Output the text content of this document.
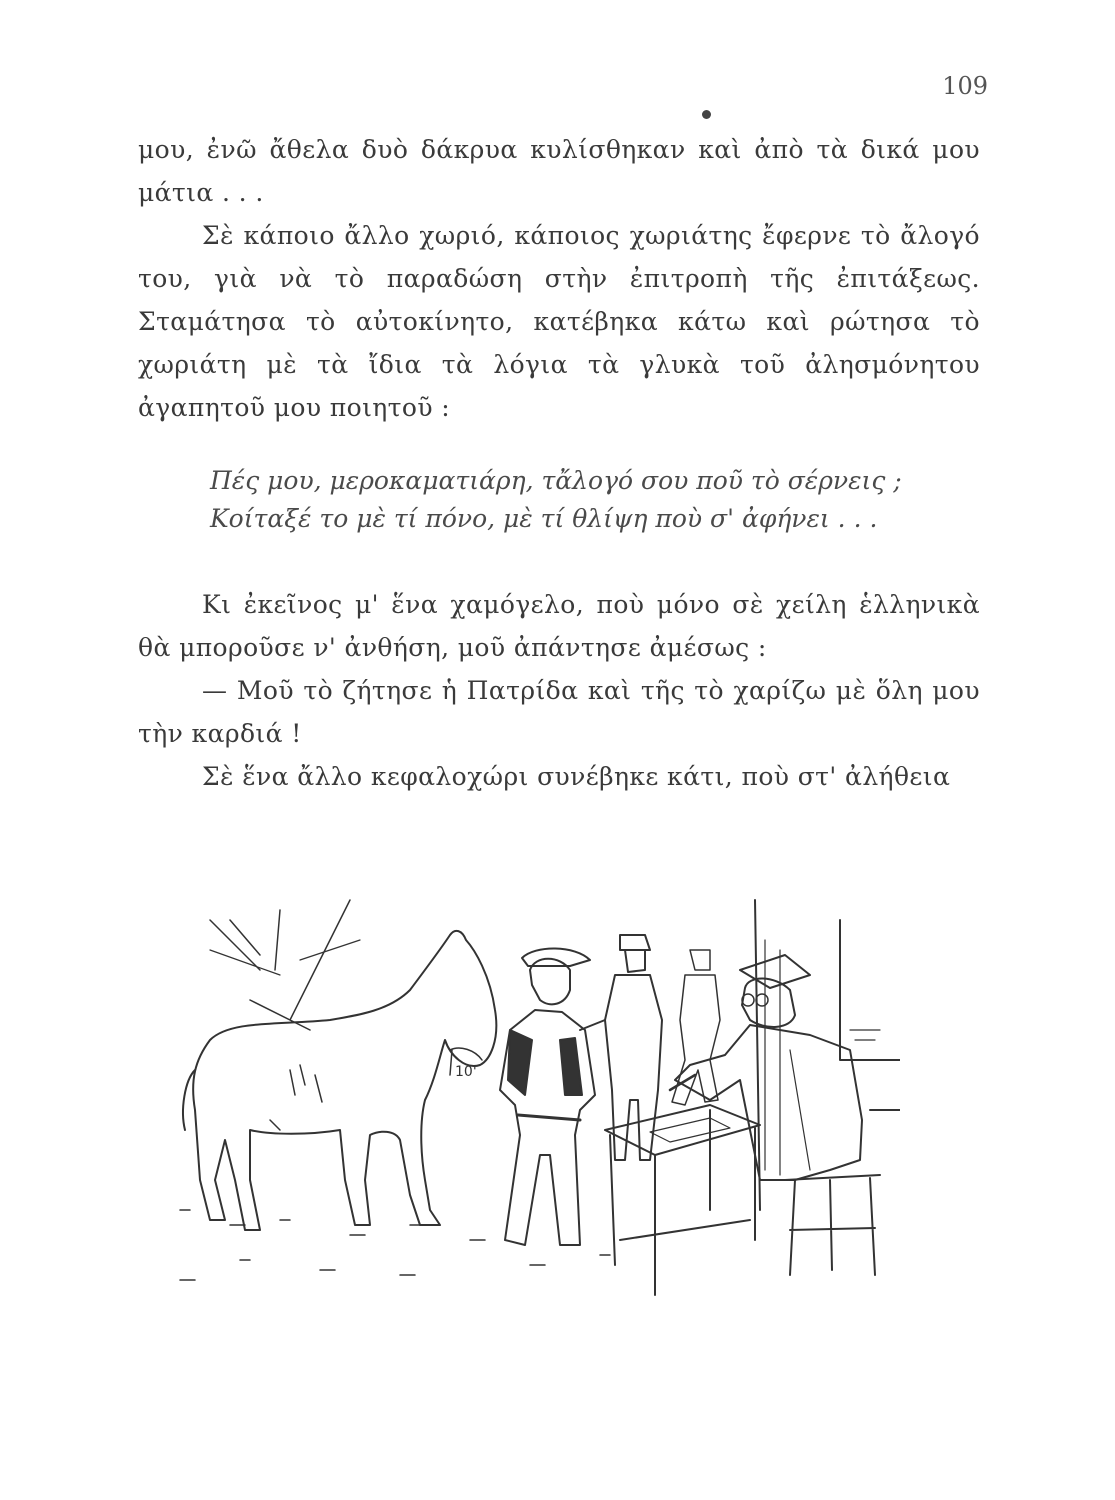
109

μου, ἐνῶ ἄθελα δυὸ δάκρυα κυλίσθηκαν καὶ ἀπὸ τὰ δικά μου μάτια . . .

Σὲ κάποιο ἄλλο χωριό, κάποιος χωριάτης ἔφερνε τὸ ἄλογό του, γιὰ νὰ τὸ παραδώση στὴν ἐπιτροπὴ τῆς ἐπιτάξεως. Σταμάτησα τὸ αὐτοκίνητο, κατέβηκα κάτω καὶ ρώτησα τὸ χωριάτη μὲ τὰ ἴδια τὰ λόγια τὰ γλυκὰ τοῦ ἀλησμόνητου ἀγαπητοῦ μου ποιητοῦ :

Πές μου, μεροκαματιάρη, τἄλογό σου ποῦ τὸ σέρνεις ;

Κοίταξέ το μὲ τί πόνο, μὲ τί θλίψη ποὺ σ' ἀφήνει . . .

Κι ἐκεῖνος μ' ἕνα χαμόγελο, ποὺ μόνο σὲ χείλη ἑλληνικὰ θὰ μποροῦσε ν' ἀνθήση, μοῦ ἀπάντησε ἀμέσως :

— Μοῦ τὸ ζήτησε ἡ Πατρίδα καὶ τῆς τὸ χαρίζω μὲ ὅλη μου τὴν καρδιά !

Σὲ ἕνα ἄλλο κεφαλοχώρι συνέβηκε κάτι, ποὺ στ' ἀλήθεια

10'
